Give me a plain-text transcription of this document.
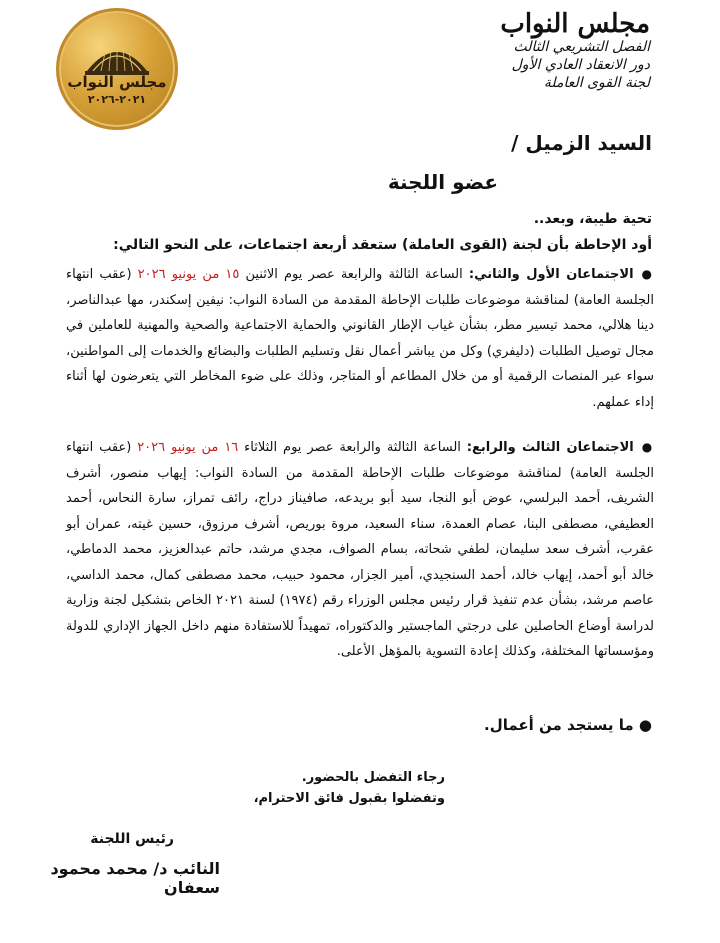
مجلس النواب
٢٠٢١-٢٠٢٦
مجلس النواب
الفصل التشريعي الثالث
دور الانعقاد العادي الأول
لجنة القوى العاملة
السيد الزميل /
عضو اللجنة
تحية طيبة، وبعد..
أود الإحاطة بأن لجنة (القوى العاملة) ستعقد أربعة اجتماعات، على النحو التالي:
●الاجتماعان الأول والثاني: الساعة الثالثة والرابعة عصر يوم الاثنين ١٥ من يونيو ٢٠٢٦ (عقب انتهاء الجلسة العامة) لمناقشة موضوعات طلبات الإحاطة المقدمة من السادة النواب: نيفين إسكندر، مها عبدالناصر، دينا هلالي، محمد تيسير مطر، بشأن غياب الإطار القانوني والحماية الاجتماعية والصحية والمهنية للعاملين في مجال توصيل الطلبات (دليفري) وكل من يباشر أعمال نقل وتسليم الطلبات والبضائع والخدمات إلى المواطنين، سواء عبر المنصات الرقمية أو من خلال المطاعم أو المتاجر، وذلك على ضوء المخاطر التي يتعرضون لها أثناء إداء عملهم.
●الاجتماعان الثالث والرابع: الساعة الثالثة والرابعة عصر يوم الثلاثاء ١٦ من يونيو ٢٠٢٦ (عقب انتهاء الجلسة العامة) لمناقشة موضوعات طلبات الإحاطة المقدمة من السادة النواب: إيهاب منصور، أشرف الشريف، أحمد البرلسي، عوض أبو النجا، سيد أبو بريدعه، صافيناز دراج، رائف تمراز، سارة النحاس، أحمد العطيفي، مصطفى البنا، عصام العمدة، سناء السعيد، مروة بوريص، أشرف مرزوق، حسين غيته، عمران أبو عقرب، أشرف سعد سليمان، لطفي شحاته، بسام الصواف، مجدي مرشد، حاتم عبدالعزيز، محمد الدماطي، خالد أبو أحمد، إيهاب خالد، أحمد السنجيدي، أمير الجزار، محمود حبيب، محمد مصطفى كمال، محمد الداسي، عاصم مرشد، بشأن عدم تنفيذ قرار رئيس مجلس الوزراء رقم (١٩٧٤) لسنة ٢٠٢١ الخاص بتشكيل لجنة وزارية لدراسة أوضاع الحاصلين على درجتي الماجستير والدكتوراه، تمهيداً للاستفادة منهم داخل الجهاز الإداري للدولة ومؤسساتها المختلفة، وكذلك إعادة التسوية بالمؤهل الأعلى.
● ما يستجد من أعمال.
رجاء التفضل بالحضور.
وتفضلوا بقبول فائق الاحترام،
رئيس اللجنة
النائب د/ محمد محمود سعفان
